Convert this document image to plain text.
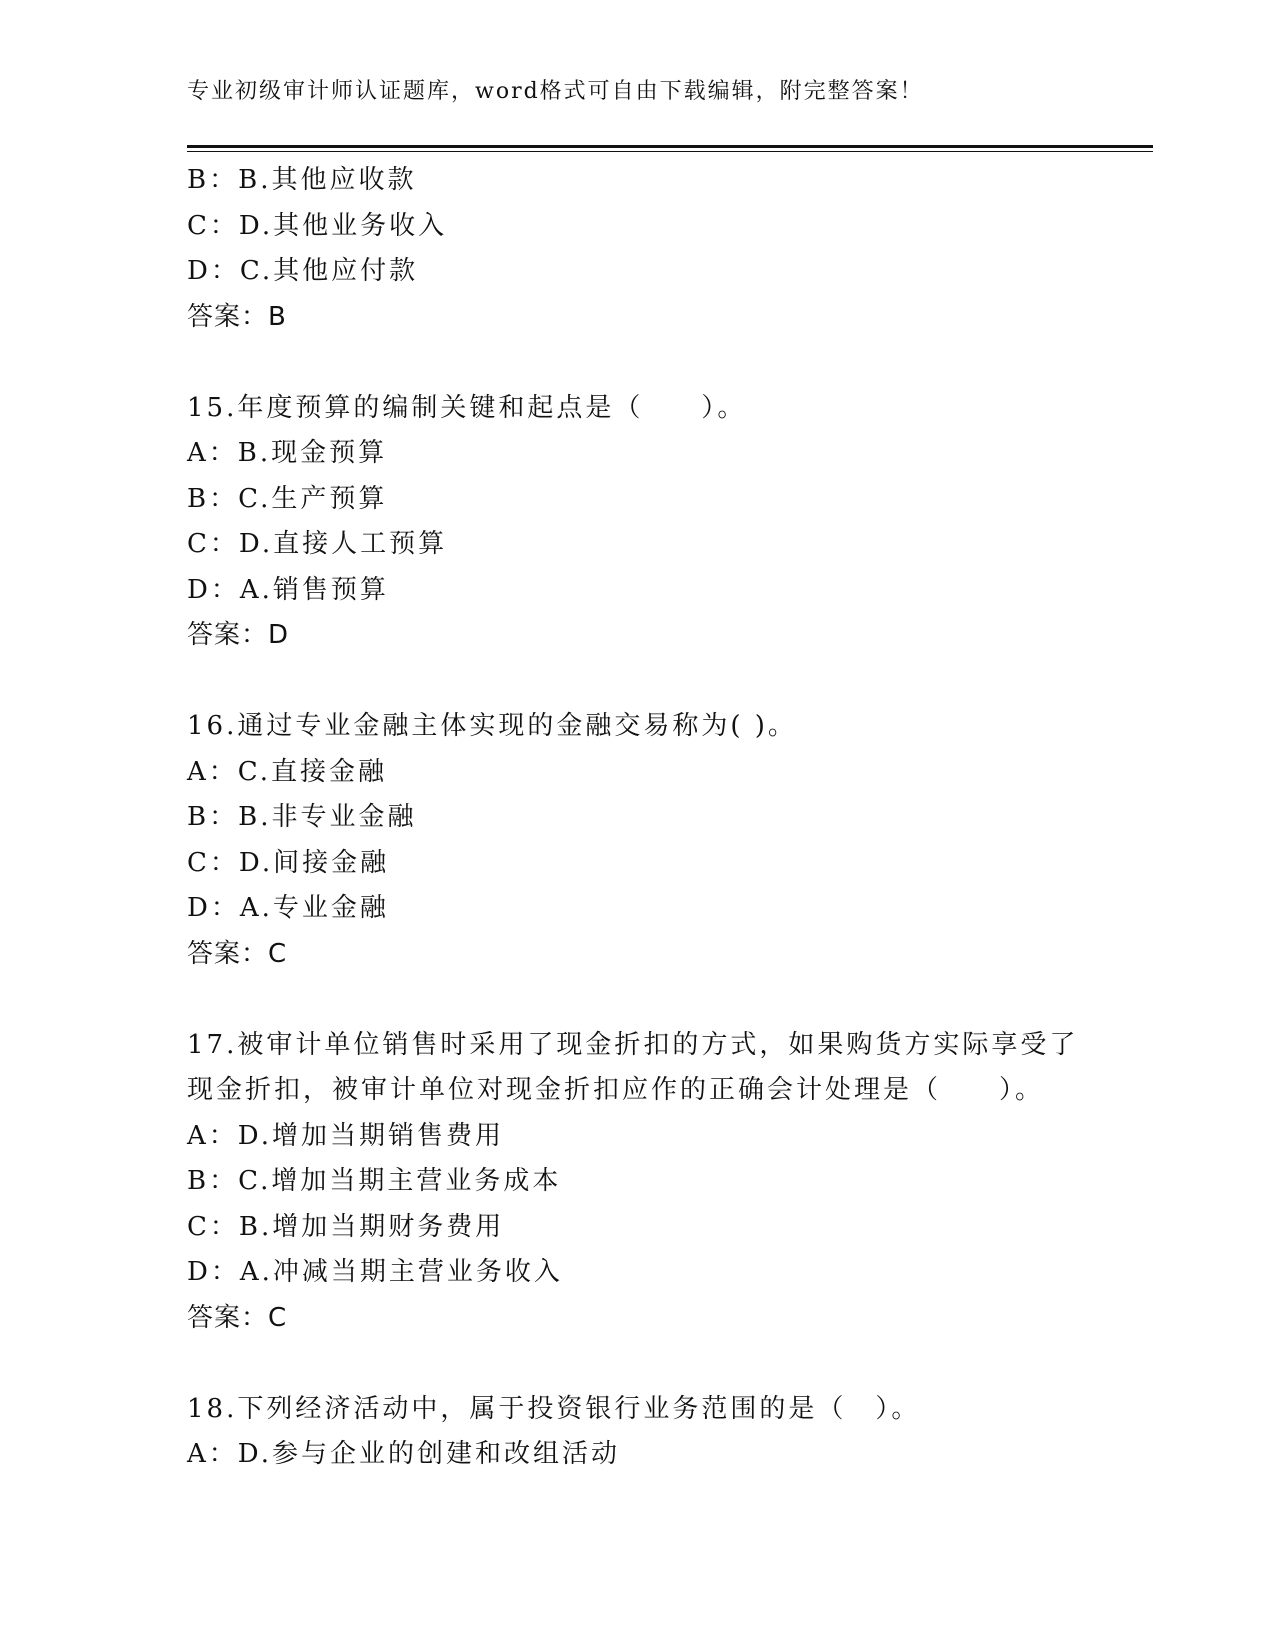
专业初级审计师认证题库，word格式可自由下载编辑，附完整答案！
B：B.其他应收款
C：D.其他业务收入
D：C.其他应付款
答案：B
15.年度预算的编制关键和起点是（　　）。
A：B.现金预算
B：C.生产预算
C：D.直接人工预算
D：A.销售预算
答案：D
16.通过专业金融主体实现的金融交易称为( )。
A：C.直接金融
B：B.非专业金融
C：D.间接金融
D：A.专业金融
答案：C
17.被审计单位销售时采用了现金折扣的方式，如果购货方实际享受了
现金折扣，被审计单位对现金折扣应作的正确会计处理是（　　）。
A：D.增加当期销售费用
B：C.增加当期主营业务成本
C：B.增加当期财务费用
D：A.冲减当期主营业务收入
答案：C
18.下列经济活动中，属于投资银行业务范围的是（　）。
A：D.参与企业的创建和改组活动
